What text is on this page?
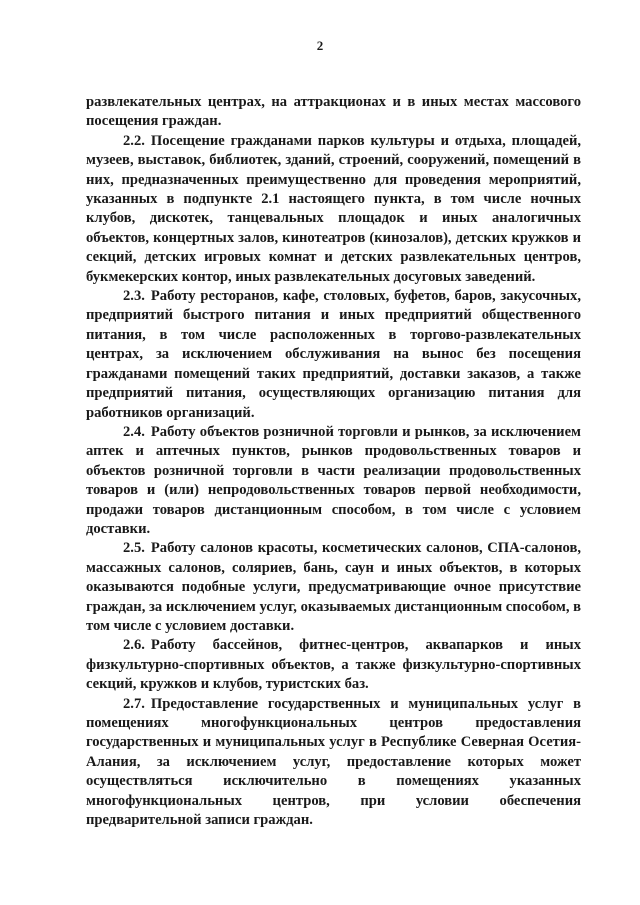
2

развлекательных центрах, на аттракционах и в иных местах массового посещения граждан.

2.2. Посещение гражданами парков культуры и отдыха, площадей, музеев, выставок, библиотек, зданий, строений, сооружений, помещений в них, предназначенных преимущественно для проведения мероприятий, указанных в подпункте 2.1 настоящего пункта, в том числе ночных клубов, дискотек, танцевальных площадок и иных аналогичных объектов, концертных залов, кинотеатров (кинозалов), детских кружков и секций, детских игровых комнат и детских развлекательных центров, букмекерских контор, иных развлекательных досуговых заведений.

2.3. Работу ресторанов, кафе, столовых, буфетов, баров, закусочных, предприятий быстрого питания и иных предприятий общественного питания, в том числе расположенных в торгово-развлекательных центрах, за исключением обслуживания на вынос без посещения гражданами помещений таких предприятий, доставки заказов, а также предприятий питания, осуществляющих организацию питания для работников организаций.

2.4. Работу объектов розничной торговли и рынков, за исключением аптек и аптечных пунктов, рынков продовольственных товаров и объектов розничной торговли в части реализации продовольственных товаров и (или) непродовольственных товаров первой необходимости, продажи товаров дистанционным способом, в том числе с условием доставки.

2.5. Работу салонов красоты, косметических салонов, СПА-салонов, массажных салонов, соляриев, бань, саун и иных объектов, в которых оказываются подобные услуги, предусматривающие очное присутствие граждан, за исключением услуг, оказываемых дистанционным способом, в том числе с условием доставки.

2.6. Работу бассейнов, фитнес-центров, аквапарков и иных физкультурно-спортивных объектов, а также физкультурно-спортивных секций, кружков и клубов, туристских баз.

2.7. Предоставление государственных и муниципальных услуг в помещениях многофункциональных центров предоставления государственных и муниципальных услуг в Республике Северная Осетия-Алания, за исключением услуг, предоставление которых может осуществляться исключительно в помещениях указанных многофункциональных центров, при условии обеспечения предварительной записи граждан.
